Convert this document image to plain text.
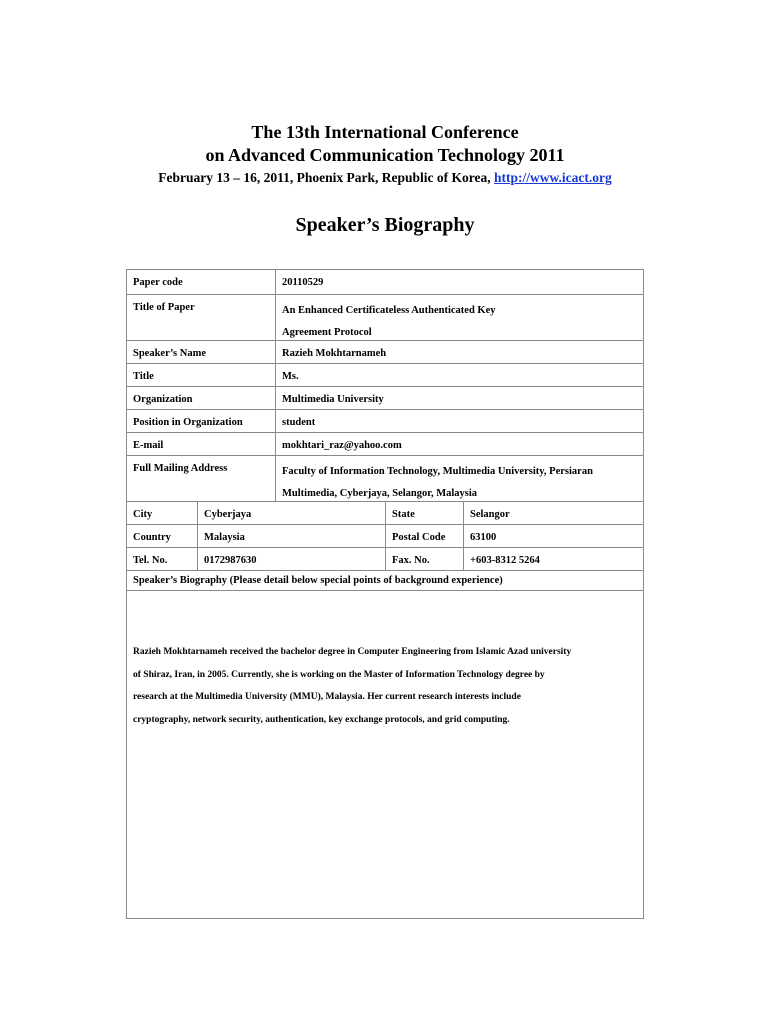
The 13th International Conference
on Advanced Communication Technology 2011
February 13 – 16, 2011, Phoenix Park, Republic of Korea, http://www.icact.org
Speaker’s Biography
Paper code	20110529
Title of Paper	An Enhanced Certificateless Authenticated Key
Agreement Protocol
Speaker’s Name	Razieh Mokhtarnameh
Title	Ms.
Organization	Multimedia University
Position in Organization	student
E-mail	mokhtari_raz@yahoo.com
Full Mailing Address	Faculty of Information Technology, Multimedia University, Persiaran
Multimedia, Cyberjaya, Selangor, Malaysia
City	Cyberjaya	State	Selangor
Country	Malaysia	Postal Code	63100
Tel. No.	0172987630	Fax. No.	+603-8312 5264
Speaker’s Biography (Please detail below special points of background experience)
Razieh Mokhtarnameh received the bachelor degree in Computer Engineering from Islamic Azad university
of Shiraz, Iran, in 2005. Currently, she is working on the Master of Information Technology degree by
research at the Multimedia University (MMU), Malaysia. Her current research interests include
cryptography, network security, authentication, key exchange protocols, and grid computing.
